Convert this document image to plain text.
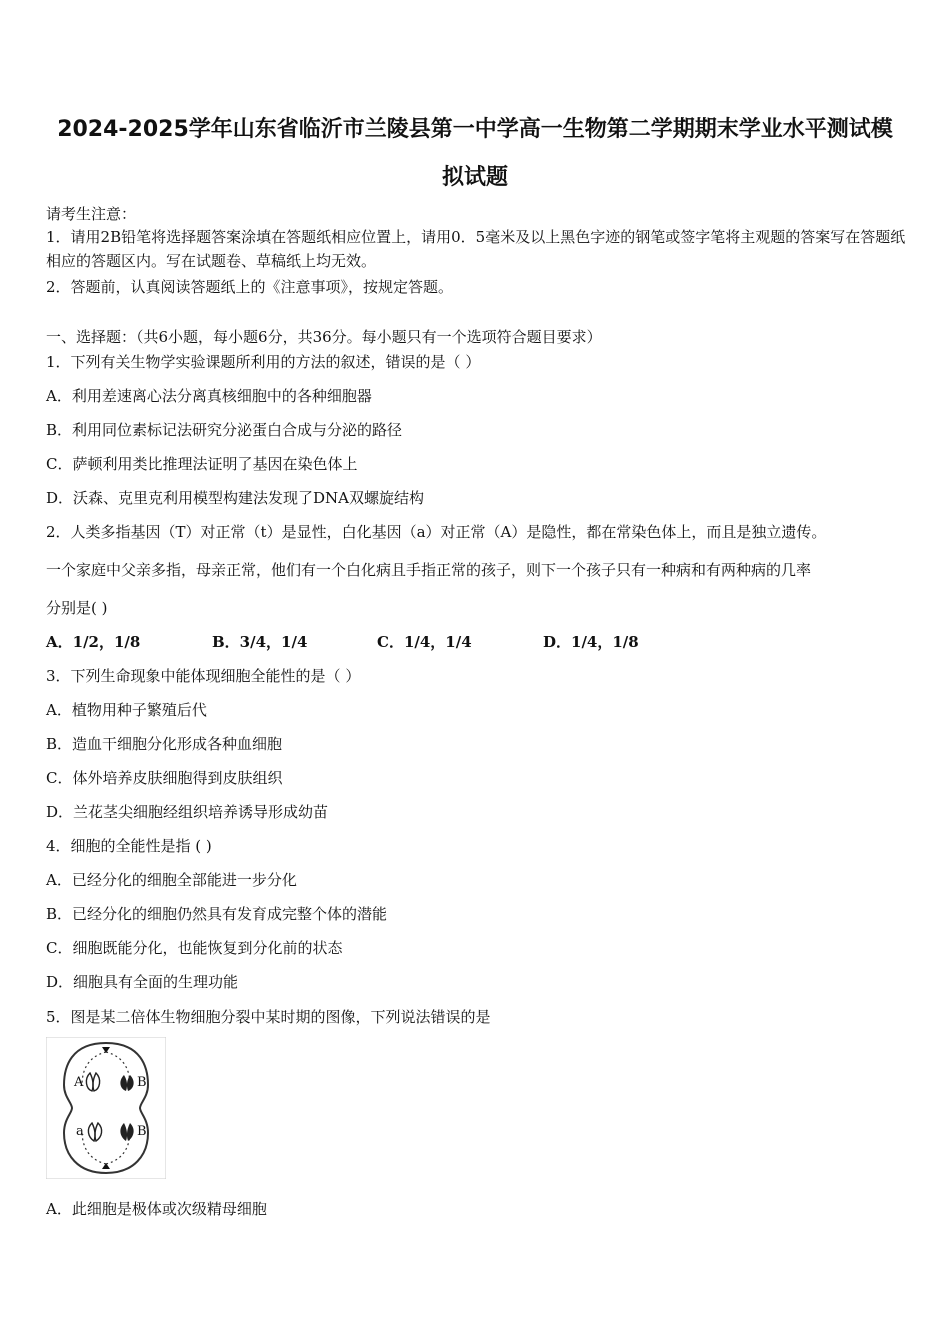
2024-2025学年山东省临沂市兰陵县第一中学高一生物第二学期期末学业水平测试模
拟试题
请考生注意：
1．请用2B铅笔将选择题答案涂填在答题纸相应位置上，请用0．5毫米及以上黑色字迹的钢笔或签字笔将主观题的答案写在答题纸相应的答题区内。写在试题卷、草稿纸上均无效。
2．答题前，认真阅读答题纸上的《注意事项》，按规定答题。
一、选择题：（共6小题，每小题6分，共36分。每小题只有一个选项符合题目要求）
1．下列有关生物学实验课题所利用的方法的叙述，错误的是（ ）
A．利用差速离心法分离真核细胞中的各种细胞器
B．利用同位素标记法研究分泌蛋白合成与分泌的路径
C．萨顿利用类比推理法证明了基因在染色体上
D．沃森、克里克利用模型构建法发现了DNA双螺旋结构
2．人类多指基因（T）对正常（t）是显性，白化基因（a）对正常（A）是隐性，都在常染色体上，而且是独立遗传。
一个家庭中父亲多指，母亲正常，他们有一个白化病且手指正常的孩子，则下一个孩子只有一种病和有两种病的几率
分别是( )
A．1/2，1/8	B．3/4，1/4	C．1/4，1/4	D．1/4，1/8
3．下列生命现象中能体现细胞全能性的是（ ）
A．植物用种子繁殖后代
B．造血干细胞分化形成各种血细胞
C．体外培养皮肤细胞得到皮肤组织
D．兰花茎尖细胞经组织培养诱导形成幼苗
4．细胞的全能性是指 ( )
A．已经分化的细胞全部能进一步分化
B．已经分化的细胞仍然具有发育成完整个体的潜能
C．细胞既能分化，也能恢复到分化前的状态
D．细胞具有全面的生理功能
5．图是某二倍体生物细胞分裂中某时期的图像，下列说法错误的是
A	B
a	B
A．此细胞是极体或次级精母细胞
